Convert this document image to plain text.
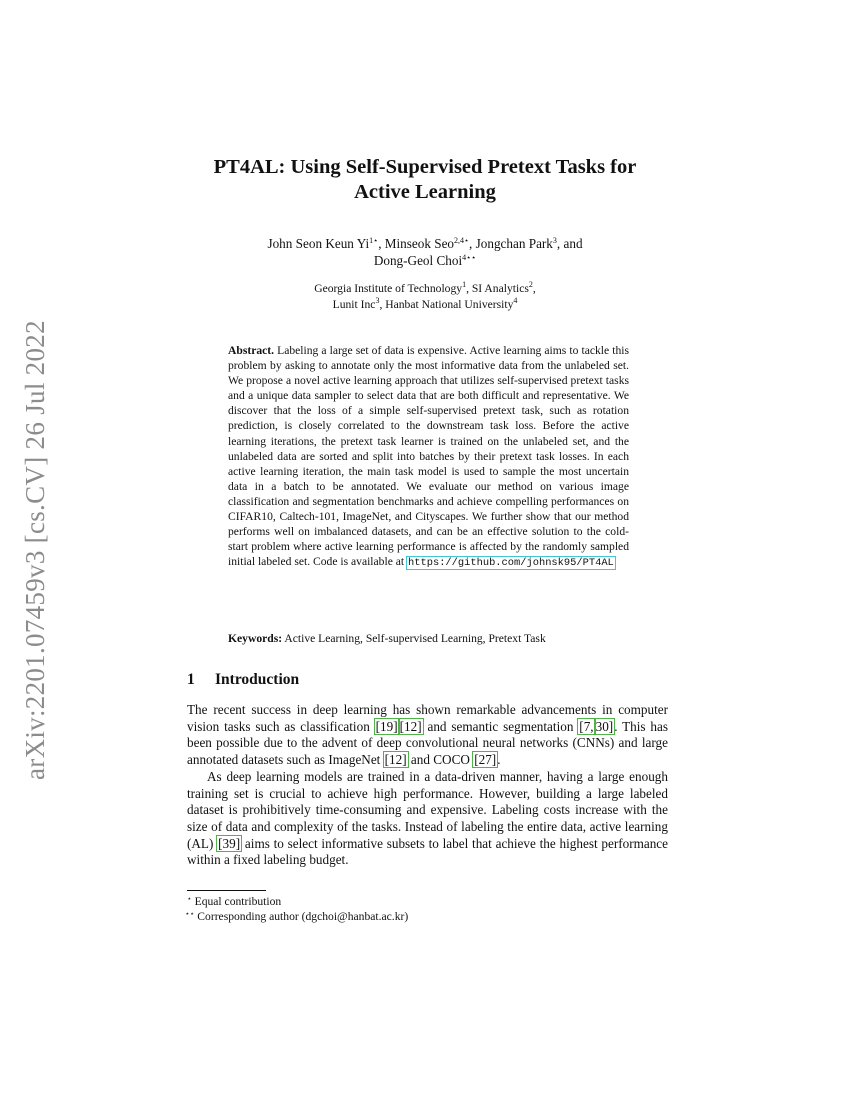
arXiv:2201.07459v3 [cs.CV] 26 Jul 2022
PT4AL: Using Self-Supervised Pretext Tasks for
Active Learning
John Seon Keun $Yi^{1⋆}$, Minseok Seo$^{2,4⋆}$, Jongchan Park$^3$, and
Dong-Geol Choi$^{4⋆⋆}$
Georgia Institute of Technology$^1$, SI Analytics$^2$,
Lunit Inc$^3$, Hanbat National University$^4$
Abstract. Labeling a large set of data is expensive. Active learning aims to tackle this problem by asking to annotate only the most informative data from the unlabeled set. We propose a novel active learning approach that utilizes self-supervised pretext tasks and a unique data sampler to select data that are both difficult and representative. We discover that the loss of a simple self-supervised pretext task, such as rotation prediction, is closely correlated to the downstream task loss. Before the active learning iterations, the pretext task learner is trained on the unlabeled set, and the unlabeled data are sorted and split into batches by their pretext task losses. In each active learning iteration, the main task model is used to sample the most uncertain data in a batch to be annotated. We evaluate our method on various image classification and segmentation benchmarks and achieve compelling performances on CIFAR10, Caltech-101, ImageNet, and Cityscapes. We further show that our method performs well on imbalanced datasets, and can be an effective solution to the cold-start problem where active learning performance is affected by the randomly sampled initial labeled set. Code is available at https://github.com/johnsk95/PT4AL
Keywords: Active Learning, Self-supervised Learning, Pretext Task
1 Introduction

The recent success in deep learning has shown remarkable advancements in computer vision tasks such as classification [19] [12] and semantic segmentation [7, 30]. This has been possible due to the advent of deep convolutional neural networks (CNNs) and large annotated datasets such as ImageNet [12] and COCO [27].

As deep learning models are trained in a data-driven manner, having a large enough training set is crucial to achieve high performance. However, building a large labeled dataset is prohibitively time-consuming and expensive. Labeling costs increase with the size of data and complexity of the tasks. Instead of labeling the entire data, active learning (AL) [39] aims to select informative subsets to label that achieve the highest performance within a fixed labeling budget.

⋆ Equal contribution
⋆⋆ Corresponding author (dgchoi@hanbat.ac.kr)
